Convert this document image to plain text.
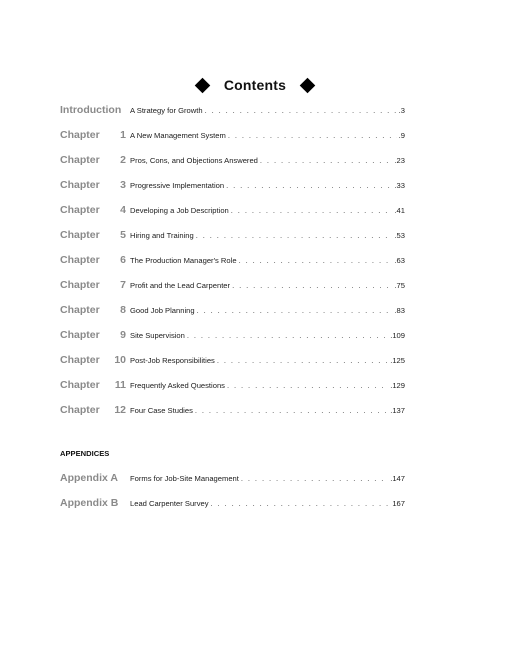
Contents
Introduction A Strategy for Growth . . .	.3
Chapter 1 A New Management System . . .	.9
Chapter 2 Pros, Cons, and Objections Answered . . .	.23
Chapter 3 Progressive Implementation . . .	.33
Chapter 4 Developing a Job Description . . .	.41
Chapter 5 Hiring and Training . . .	.53
Chapter 6 The Production Manager's Role . . .	.63
Chapter 7 Profit and the Lead Carpenter . . .	.75
Chapter 8 Good Job Planning . . .	.83
Chapter 9 Site Supervision . . .	.109
Chapter 10 Post-Job Responsibilities . . .	.125
Chapter 11 Frequently Asked Questions . . .	.129
Chapter 12 Four Case Studies . . .	.137
APPENDICES
Appendix A Forms for Job-Site Management . . .	.147
Appendix B Lead Carpenter Survey . . .	167
